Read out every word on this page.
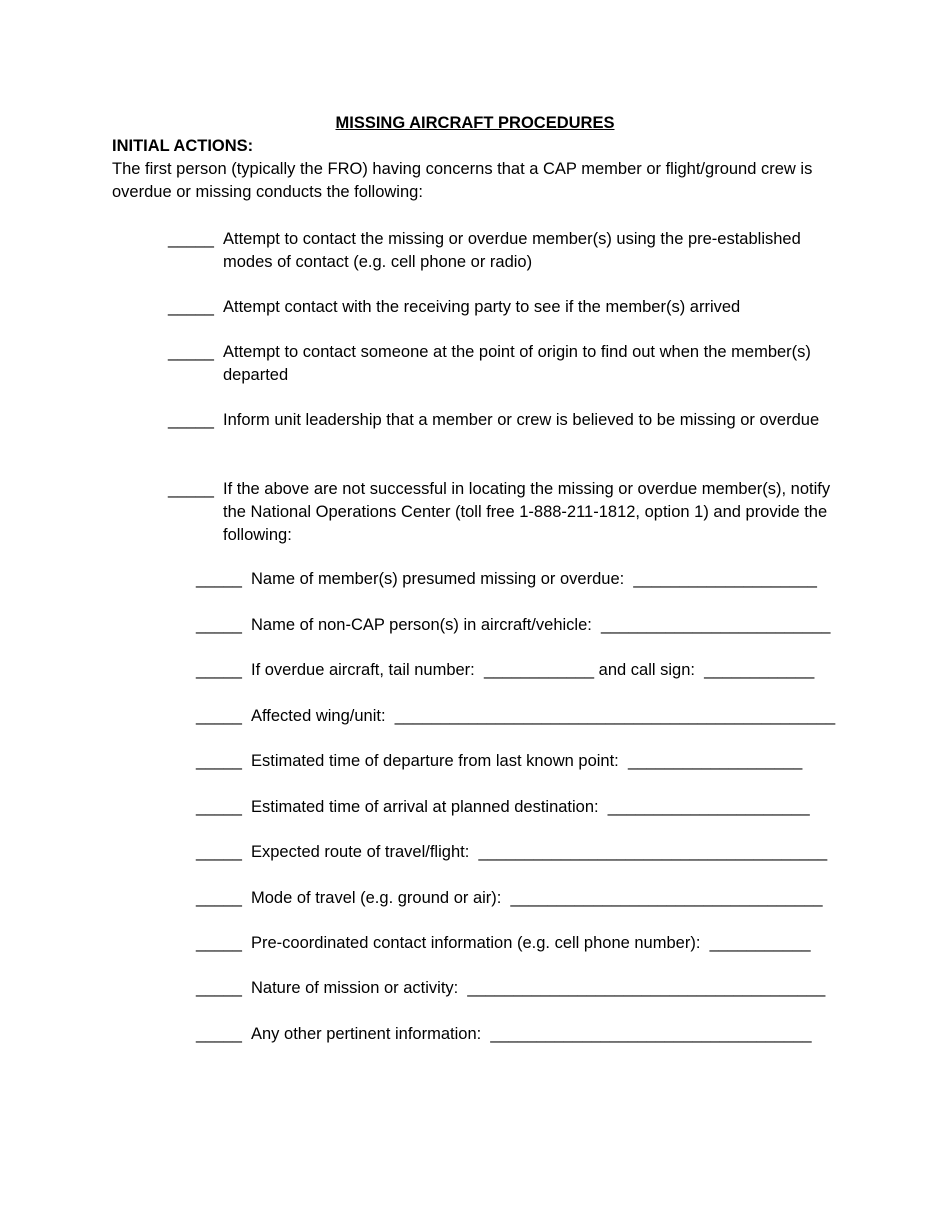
MISSING AIRCRAFT PROCEDURES
INITIAL ACTIONS:
The first person (typically the FRO) having concerns that a CAP member or flight/ground crew is overdue or missing conducts the following:
_____ Attempt to contact the missing or overdue member(s) using the pre-established modes of contact (e.g. cell phone or radio)
_____ Attempt contact with the receiving party to see if the member(s) arrived
_____ Attempt to contact someone at the point of origin to find out when the member(s) departed
_____ Inform unit leadership that a member or crew is believed to be missing or overdue
_____ If the above are not successful in locating the missing or overdue member(s), notify the National Operations Center (toll free 1-888-211-1812, option 1) and provide the following:
_____ Name of member(s) presumed missing or overdue: ____________________
_____ Name of non-CAP person(s) in aircraft/vehicle: _________________________
_____ If overdue aircraft, tail number: ____________ and call sign: ____________
_____ Affected wing/unit: ________________________________________________
_____ Estimated time of departure from last known point: ___________________
_____ Estimated time of arrival at planned destination: ______________________
_____ Expected route of travel/flight: ______________________________________
_____ Mode of travel (e.g. ground or air): __________________________________
_____ Pre-coordinated contact information (e.g. cell phone number): ___________
_____ Nature of mission or activity: _______________________________________
_____ Any other pertinent information: ___________________________________
